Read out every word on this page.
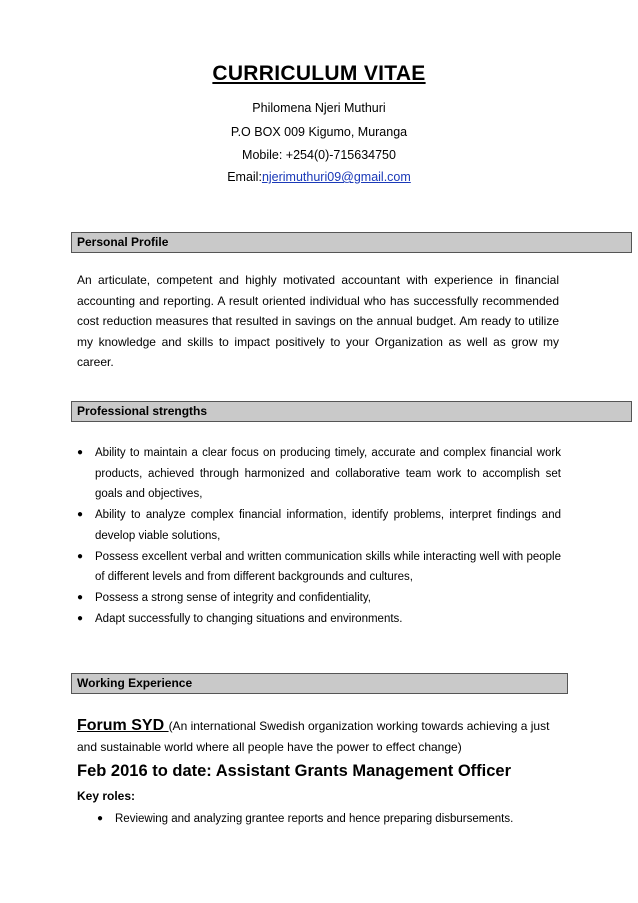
CURRICULUM VITAE
Philomena Njeri Muthuri
P.O BOX 009 Kigumo, Muranga
Mobile: +254(0)-715634750
Email:njerimuthuri09@gmail.com
Personal Profile
An articulate, competent and highly motivated accountant with experience in financial accounting and reporting. A result oriented individual who has successfully recommended cost reduction measures that resulted in savings on the annual budget. Am ready to utilize my knowledge and skills to impact positively to your Organization as well as grow my career.
Professional strengths
● Ability to maintain a clear focus on producing timely, accurate and complex financial work products, achieved through harmonized and collaborative team work to accomplish set goals and objectives,
● Ability to analyze complex financial information, identify problems, interpret findings and develop viable solutions,
● Possess excellent verbal and written communication skills while interacting well with people of different levels and from different backgrounds and cultures,
● Possess a strong sense of integrity and confidentiality,
● Adapt successfully to changing situations and environments.
Working Experience
Forum SYD (An international Swedish organization working towards achieving a just and sustainable world where all people have the power to effect change)
Feb 2016 to date: Assistant Grants Management Officer
Key roles:
● Reviewing and analyzing grantee reports and hence preparing disbursements.
